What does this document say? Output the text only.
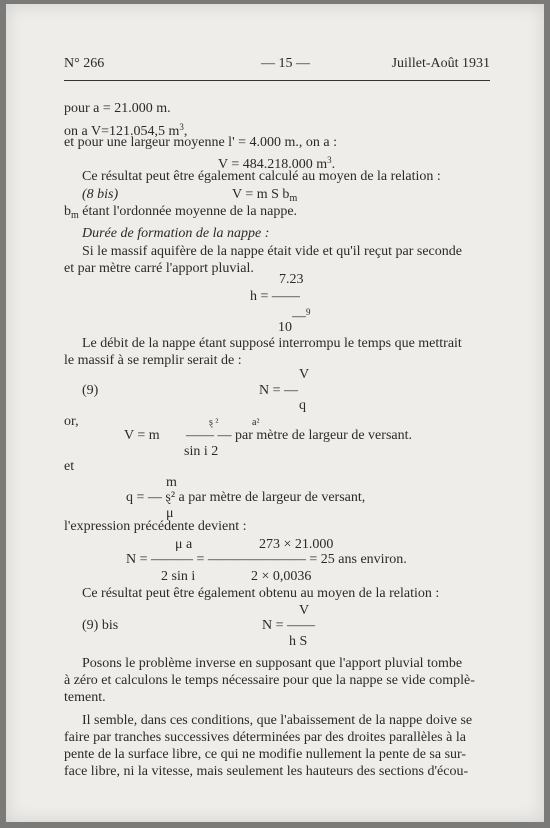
N° 266	— 15 —	Juillet-Août 1931
pour a = 21.000 m.
on a V=121.054,5 $m^3$,
et pour une largeur moyenne l' = 4.000 m., on a :
V = 484.218.000 $m^3$.
Ce résultat peut être également calculé au moyen de la relation :
(8 bis)	V = m S $b_m$
$b_m$ étant l'ordonnée moyenne de la nappe.
Durée de formation de la nappe :
Si le massif aquifère de la nappe était vide et qu'il reçut par seconde
et par mètre carré l'apport pluvial.
7.23
h = ——
—$^9$
10
Le débit de la nappe étant supposé interrompu le temps que mettrait
le massif à se remplir serait de :
V
(9)	N = —
q
or,	ȿ ²	a²
V = m —— — par mètre de largeur de versant.
sin i 2
et
m
q = — ȿ² a par mètre de largeur de versant,
μ
l'expression précédente devient :
μ a	273 × 21.000
N = ——— = ——————— = 25 ans environ.
2 sin i	2 × 0,0036
Ce résultat peut être également obtenu au moyen de la relation :
V
(9) bis	N = ——
h S
Posons le problème inverse en supposant que l'apport pluvial tombe
à zéro et calculons le temps nécessaire pour que la nappe se vide complè-
tement.
Il semble, dans ces conditions, que l'abaissement de la nappe doive se
faire par tranches successives déterminées par des droites parallèles à la
pente de la surface libre, ce qui ne modifie nullement la pente de sa sur-
face libre, ni la vitesse, mais seulement les hauteurs des sections d'écou-
